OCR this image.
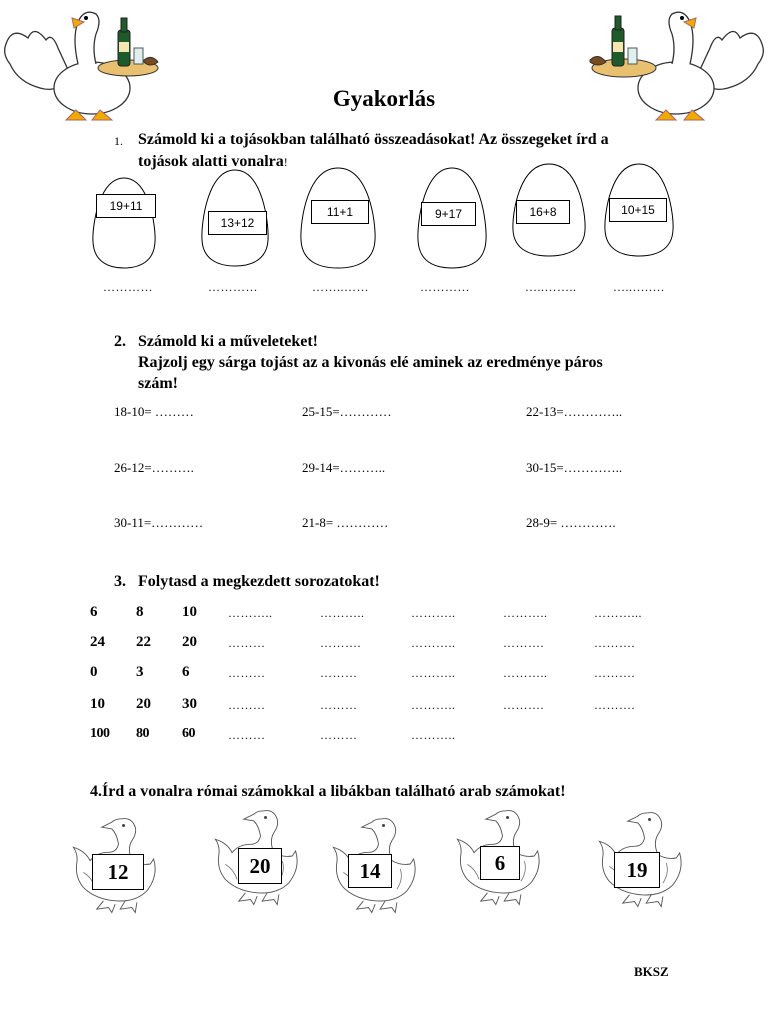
Gyakorlás
1. Számold ki a tojásokban található összeadásokat! Az összegeket írd a
tojások alatti vonalra!
19+11
13+12
11+1	9+17	16+8	10+15
…………	…………	……..……	…………	…..……..	…..….….
2. Számold ki a műveleteket!
Rajzolj egy sárga tojást az a kivonás elé aminek az eredménye páros
szám!
18-10= ………	25-15=…………	22-13=…………..
26-12=……….	29-14=………..	30-15=…………..
30-11=…………	21-8= …………	28-9= ………….
3. Folytasd a megkezdett sorozatokat!
6	8	10	………..	………..	………..	………..	………...
24 22 20	………	……….	………..	……….	……….
0	3	6	………	………	………..	………..	……….
10 20 30	………	………	………..	……….	……….
100 80 60	………	………	………..
4.Írd a vonalra római számokkal a libákban található arab számokat!
12	20	14	6	19
BKSZ
